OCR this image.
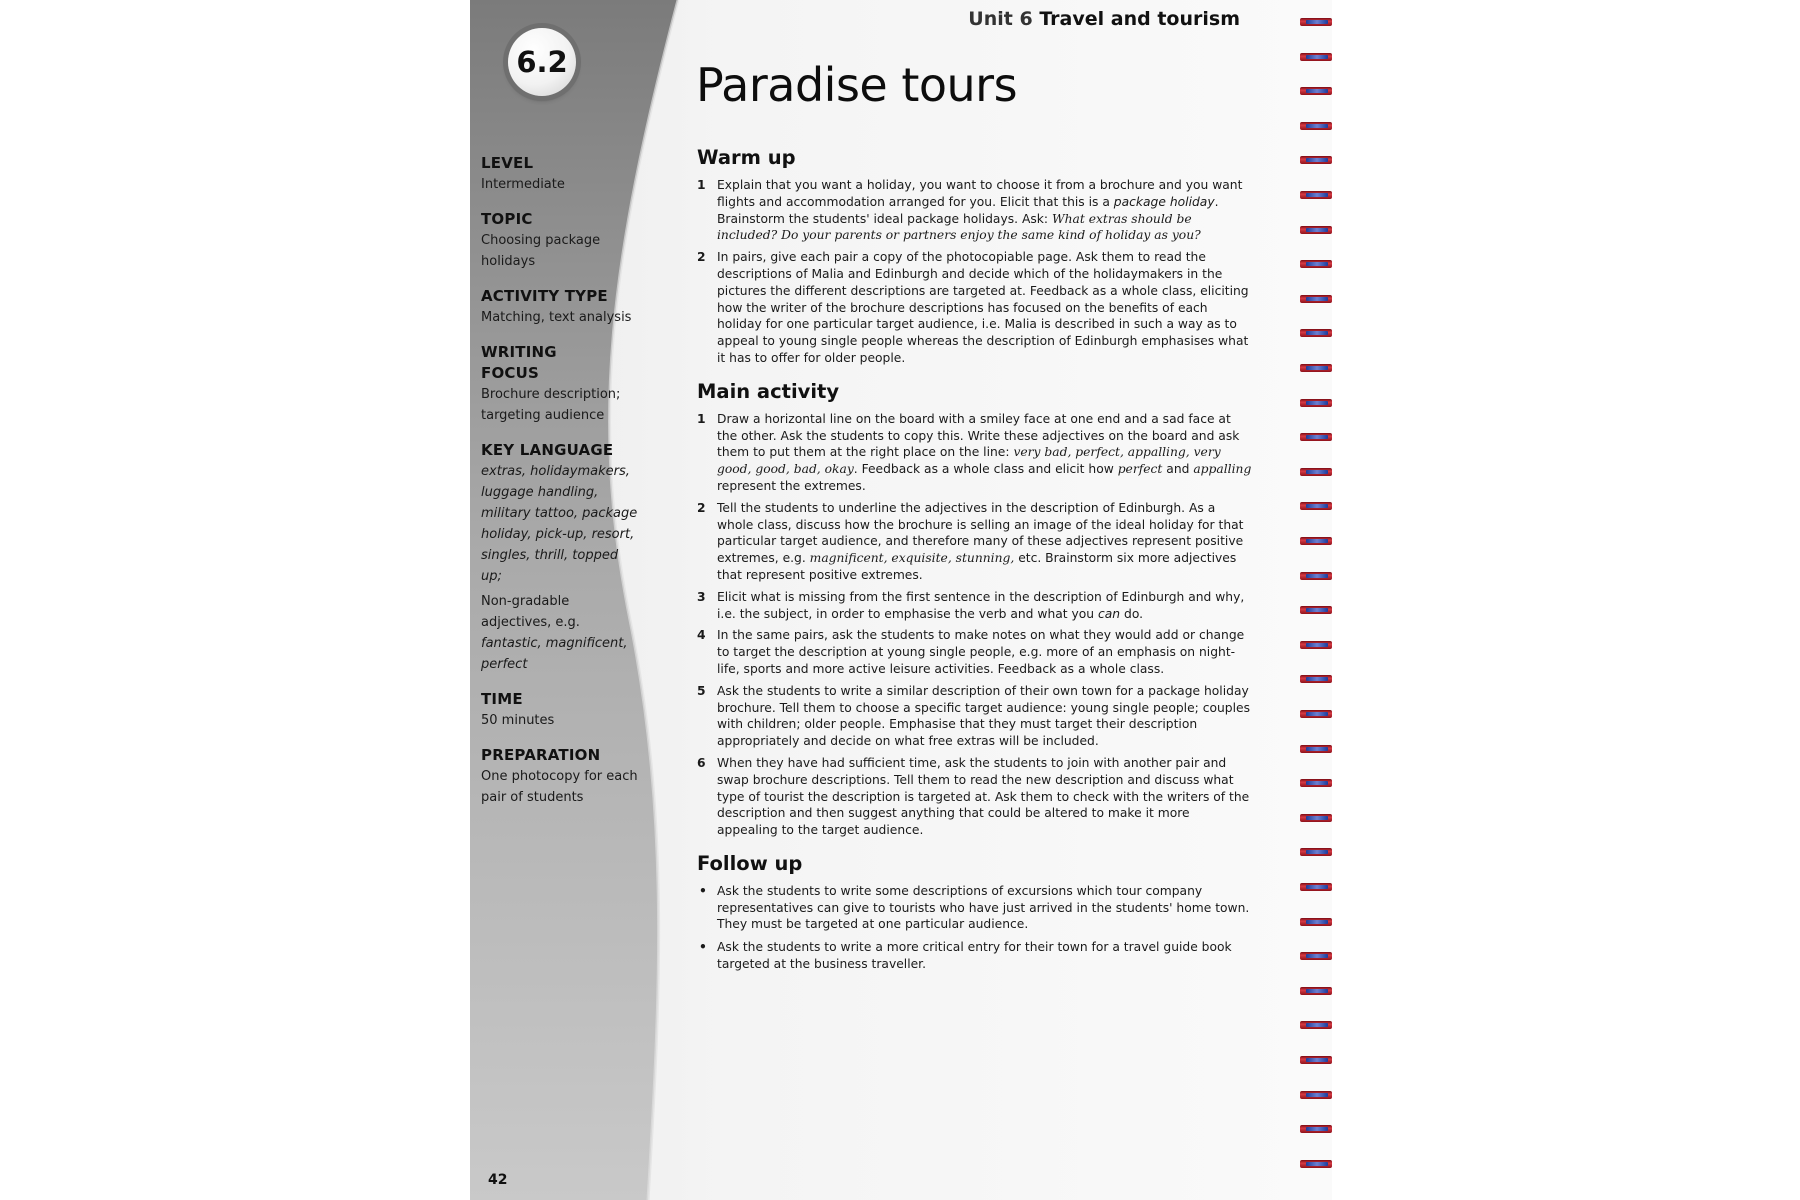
6.2
LEVEL
Intermediate
TOPIC
Choosing package holidays
ACTIVITY TYPE
Matching, text analysis
WRITING FOCUS
Brochure description; targeting audience
KEY LANGUAGE
extras, holidaymakers, luggage handling, military tattoo, package holiday, pick-up, resort, singles, thrill, topped up;
Non-gradable adjectives, e.g.
fantastic, magnificent, perfect
TIME
50 minutes
PREPARATION
One photocopy for each pair of students
42
Unit 6 Travel and tourism
Paradise tours
Warm up
1 Explain that you want a holiday, you want to choose it from a brochure and you want flights and accommodation arranged for you. Elicit that this is a package holiday. Brainstorm the students' ideal package holidays. Ask: What extras should be included? Do your parents or partners enjoy the same kind of holiday as you?
2 In pairs, give each pair a copy of the photocopiable page. Ask them to read the descriptions of Malia and Edinburgh and decide which of the holidaymakers in the pictures the different descriptions are targeted at. Feedback as a whole class, eliciting how the writer of the brochure descriptions has focused on the benefits of each holiday for one particular target audience, i.e. Malia is described in such a way as to appeal to young single people whereas the description of Edinburgh emphasises what it has to offer for older people.
Main activity
1 Draw a horizontal line on the board with a smiley face at one end and a sad face at the other. Ask the students to copy this. Write these adjectives on the board and ask them to put them at the right place on the line: very bad, perfect, appalling, very good, good, bad, okay. Feedback as a whole class and elicit how perfect and appalling represent the extremes.
2 Tell the students to underline the adjectives in the description of Edinburgh. As a whole class, discuss how the brochure is selling an image of the ideal holiday for that particular target audience, and therefore many of these adjectives represent positive extremes, e.g. magnificent, exquisite, stunning, etc. Brainstorm six more adjectives that represent positive extremes.
3 Elicit what is missing from the first sentence in the description of Edinburgh and why, i.e. the subject, in order to emphasise the verb and what you can do.
4 In the same pairs, ask the students to make notes on what they would add or change to target the description at young single people, e.g. more of an emphasis on night-life, sports and more active leisure activities. Feedback as a whole class.
5 Ask the students to write a similar description of their own town for a package holiday brochure. Tell them to choose a specific target audience: young single people; couples with children; older people. Emphasise that they must target their description appropriately and decide on what free extras will be included.
6 When they have had sufficient time, ask the students to join with another pair and swap brochure descriptions. Tell them to read the new description and discuss what type of tourist the description is targeted at. Ask them to check with the writers of the description and then suggest anything that could be altered to make it more appealing to the target audience.
Follow up
• Ask the students to write some descriptions of excursions which tour company representatives can give to tourists who have just arrived in the students' home town. They must be targeted at one particular audience.
• Ask the students to write a more critical entry for their town for a travel guide book targeted at the business traveller.
